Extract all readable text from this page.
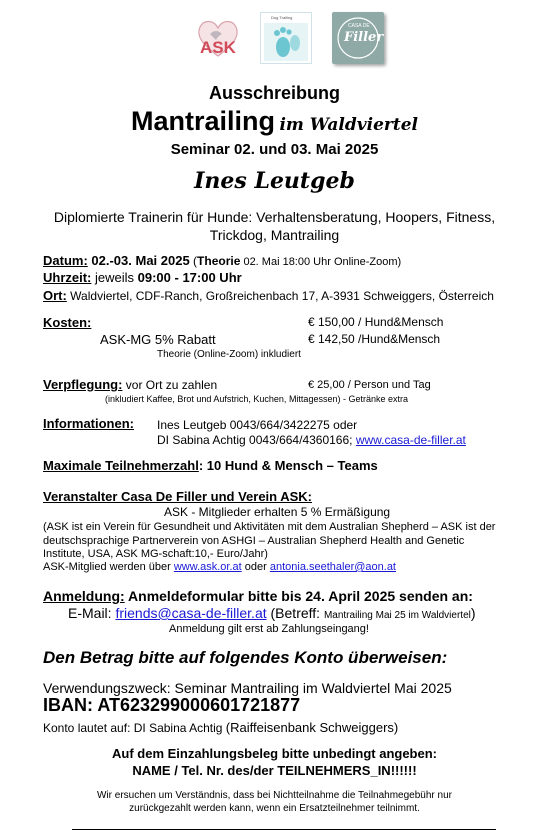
ASK
Dog Trailing
CASA DE
Filler
Ausschreibung
Mantrailing im Waldviertel
Seminar 02. und 03. Mai 2025
Ines Leutgeb
Diplomierte Trainerin für Hunde: Verhaltensberatung, Hoopers, Fitness,
Trickdog, Mantrailing
Datum: 02.-03. Mai 2025 (Theorie 02. Mai 18:00 Uhr Online-Zoom)
Uhrzeit: jeweils 09:00 - 17:00 Uhr
Ort: Waldviertel, CDF-Ranch, Großreichenbach 17, A-3931 Schweiggers, Österreich
Kosten:	€ 150,00 / Hund&Mensch
ASK-MG 5% Rabatt	€ 142,50 /Hund&Mensch
Theorie (Online-Zoom) inkludiert
Verpflegung: vor Ort zu zahlen	€ 25,00 / Person und Tag
(inkludiert Kaffee, Brot und Aufstrich, Kuchen, Mittagessen) - Getränke extra
Informationen: Ines Leutgeb 0043/664/3422275 oder
DI Sabina Achtig 0043/664/4360166; www.casa-de-filler.at
Maximale Teilnehmerzahl: 10 Hund & Mensch – Teams
Veranstalter Casa De Filler und Verein ASK:
ASK - Mitglieder erhalten 5 % Ermäßigung
(ASK ist ein Verein für Gesundheit und Aktivitäten mit dem Australian Shepherd – ASK ist der
deutschsprachige Partnerverein von ASHGI – Australian Shepherd Health and Genetic
Institute, USA, ASK MG-schaft:10,- Euro/Jahr)
ASK-Mitglied werden über www.ask.or.at oder antonia.seethaler@aon.at
Anmeldung: Anmeldeformular bitte bis 24. April 2025 senden an:
E-Mail: friends@casa-de-filler.at (Betreff: Mantrailing Mai 25 im Waldviertel)
Anmeldung gilt erst ab Zahlungseingang!
Den Betrag bitte auf folgendes Konto überweisen:
Verwendungszweck: Seminar Mantrailing im Waldviertel Mai 2025
IBAN: AT623299000601721877
Konto lautet auf: DI Sabina Achtig (Raiffeisenbank Schweiggers)
Auf dem Einzahlungsbeleg bitte unbedingt angeben:
NAME / Tel. Nr. des/der TEILNEHMERS_IN!!!!!!
Wir ersuchen um Verständnis, dass bei Nichtteilnahme die Teilnahmegebühr nur
zurückgezahlt werden kann, wenn ein Ersatzteilnehmer teilnimmt.
